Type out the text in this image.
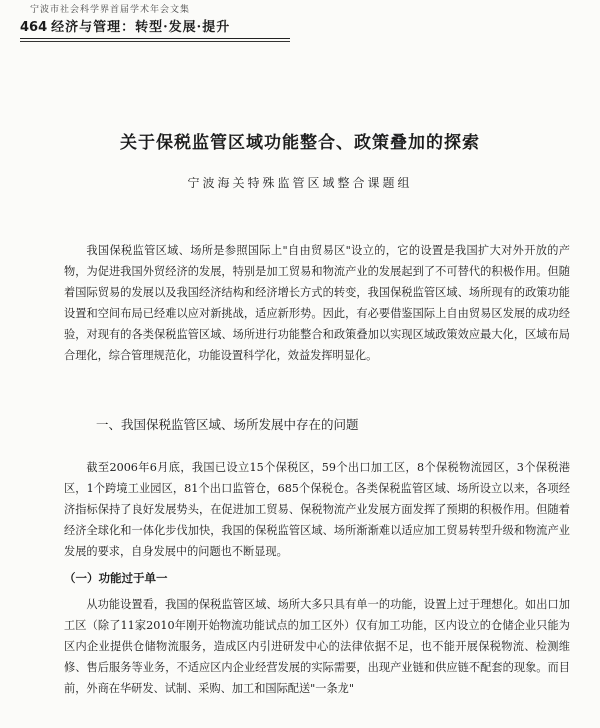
宁波市社会科学界首届学术年会文集
464 经济与管理：转型·发展·提升
关于保税监管区域功能整合、政策叠加的探索
宁波海关特殊监管区域整合课题组

我国保税监管区域、场所是参照国际上"自由贸易区"设立的，它的设置是我国扩大对外开放的产物，为促进我国外贸经济的发展，特别是加工贸易和物流产业的发展起到了不可替代的积极作用。但随着国际贸易的发展以及我国经济结构和经济增长方式的转变，我国保税监管区域、场所现有的政策功能设置和空间布局已经难以应对新挑战，适应新形势。因此，有必要借鉴国际上自由贸易区发展的成功经验，对现有的各类保税监管区域、场所进行功能整合和政策叠加以实现区域政策效应最大化，区域布局合理化，综合管理规范化，功能设置科学化，效益发挥明显化。

一、我国保税监管区域、场所发展中存在的问题

截至2006年6月底，我国已设立15个保税区，59个出口加工区，8个保税物流园区，3个保税港区，1个跨境工业园区，81个出口监管仓，685个保税仓。各类保税监管区域、场所设立以来，各项经济指标保持了良好发展势头，在促进加工贸易、保税物流产业发展方面发挥了预期的积极作用。但随着经济全球化和一体化步伐加快，我国的保税监管区域、场所渐渐难以适应加工贸易转型升级和物流产业发展的要求，自身发展中的问题也不断显现。

（一）功能过于单一

从功能设置看，我国的保税监管区域、场所大多只具有单一的功能，设置上过于理想化。如出口加工区（除了11家2010年刚开始物流功能试点的加工区外）仅有加工功能，区内设立的仓储企业只能为区内企业提供仓储物流服务，造成区内引进研发中心的法律依据不足，也不能开展保税物流、检测维修、售后服务等业务，不适应区内企业经营发展的实际需要，出现产业链和供应链不配套的现象。而目前，外商在华研发、试制、采购、加工和国际配送"一条龙"
